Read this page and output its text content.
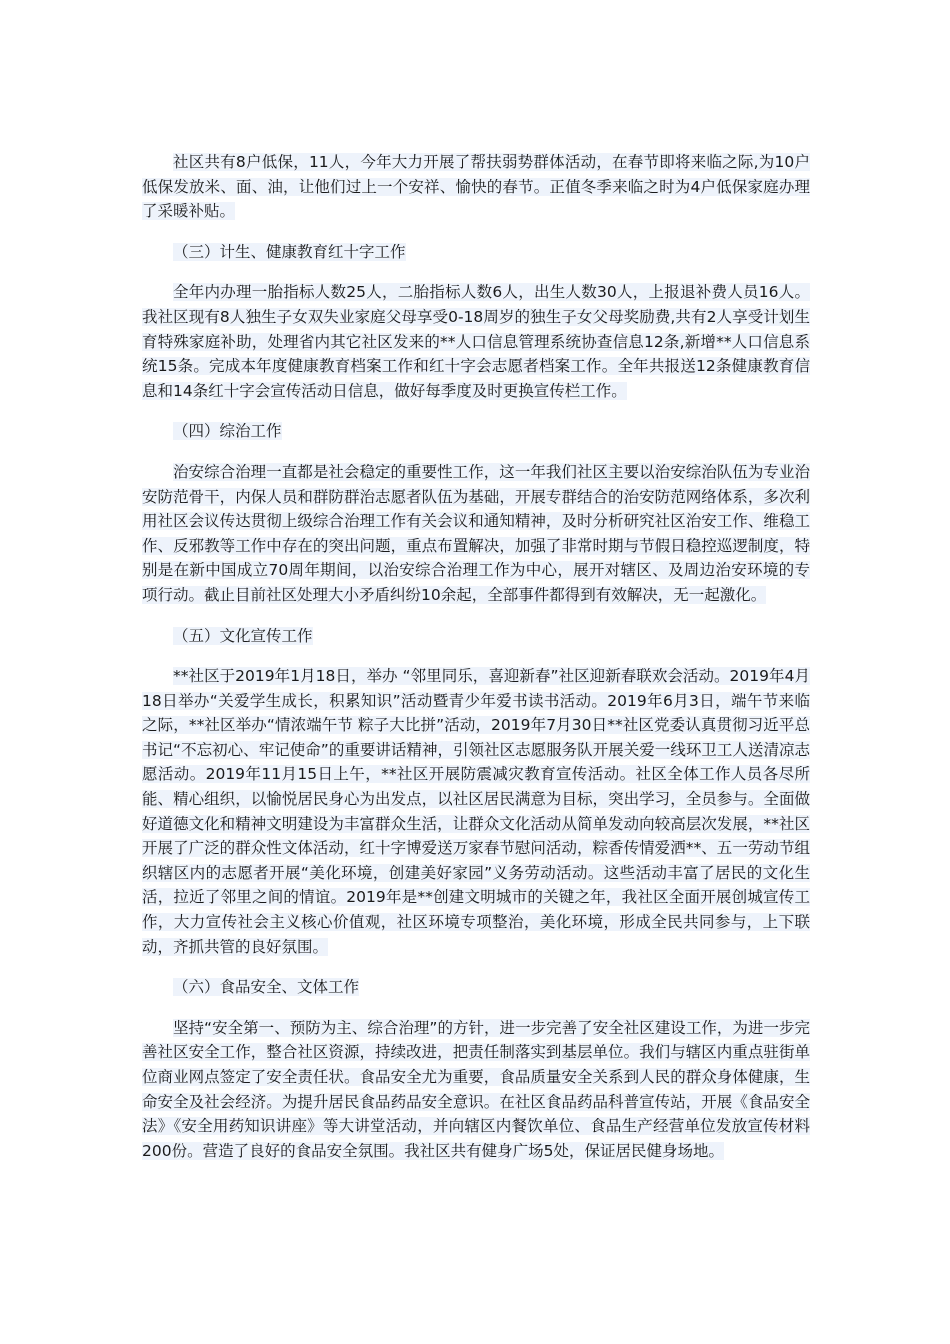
社区共有8户低保，11人，今年大力开展了帮扶弱势群体活动，在春节即将来临之际,为10户低保发放米、面、油，让他们过上一个安祥、愉快的春节。正值冬季来临之时为4户低保家庭办理了采暖补贴。

（三）计生、健康教育红十字工作

全年内办理一胎指标人数25人，二胎指标人数6人，出生人数30人，上报退补费人员16人。我社区现有8人独生子女双失业家庭父母享受0-18周岁的独生子女父母奖励费,共有2人享受计划生育特殊家庭补助，处理省内其它社区发来的**人口信息管理系统协查信息12条,新增**人口信息系统15条。完成本年度健康教育档案工作和红十字会志愿者档案工作。全年共报送12条健康教育信息和14条红十字会宣传活动日信息，做好每季度及时更换宣传栏工作。

（四）综治工作

治安综合治理一直都是社会稳定的重要性工作，这一年我们社区主要以治安综治队伍为专业治安防范骨干，内保人员和群防群治志愿者队伍为基础，开展专群结合的治安防范网络体系，多次利用社区会议传达贯彻上级综合治理工作有关会议和通知精神，及时分析研究社区治安工作、维稳工作、反邪教等工作中存在的突出问题，重点布置解决，加强了非常时期与节假日稳控巡逻制度，特别是在新中国成立70周年期间，以治安综合治理工作为中心，展开对辖区、及周边治安环境的专项行动。截止目前社区处理大小矛盾纠纷10余起，全部事件都得到有效解决，无一起激化。

（五）文化宣传工作

**社区于2019年1月18日，举办 “邻里同乐，喜迎新春”社区迎新春联欢会活动。2019年4月18日举办“关爱学生成长，积累知识”活动暨青少年爱书读书活动。2019年6月3日，端午节来临之际，**社区举办“情浓端午节 粽子大比拼”活动，2019年7月30日**社区党委认真贯彻习近平总书记“不忘初心、牢记使命”的重要讲话精神，引领社区志愿服务队开展关爱一线环卫工人送清凉志愿活动。2019年11月15日上午，**社区开展防震减灾教育宣传活动。社区全体工作人员各尽所能、精心组织，以愉悦居民身心为出发点，以社区居民满意为目标，突出学习，全员参与。全面做好道德文化和精神文明建设为丰富群众生活，让群众文化活动从简单发动向较高层次发展，**社区开展了广泛的群众性文体活动，红十字博爱送万家春节慰问活动，粽香传情爱洒**、五一劳动节组织辖区内的志愿者开展“美化环境，创建美好家园”义务劳动活动。这些活动丰富了居民的文化生活，拉近了邻里之间的情谊。2019年是**创建文明城市的关键之年，我社区全面开展创城宣传工作，大力宣传社会主义核心价值观，社区环境专项整治，美化环境，形成全民共同参与，上下联动，齐抓共管的良好氛围。

（六）食品安全、文体工作

坚持“安全第一、预防为主、综合治理”的方针，进一步完善了安全社区建设工作，为进一步完善社区安全工作，整合社区资源，持续改进，把责任制落实到基层单位。我们与辖区内重点驻街单位商业网点签定了安全责任状。食品安全尤为重要，食品质量安全关系到人民的群众身体健康，生命安全及社会经济。为提升居民食品药品安全意识。在社区食品药品科普宣传站，开展《食品安全法》《安全用药知识讲座》等大讲堂活动，并向辖区内餐饮单位、食品生产经营单位发放宣传材料200份。营造了良好的食品安全氛围。我社区共有健身广场5处，保证居民健身场地。
